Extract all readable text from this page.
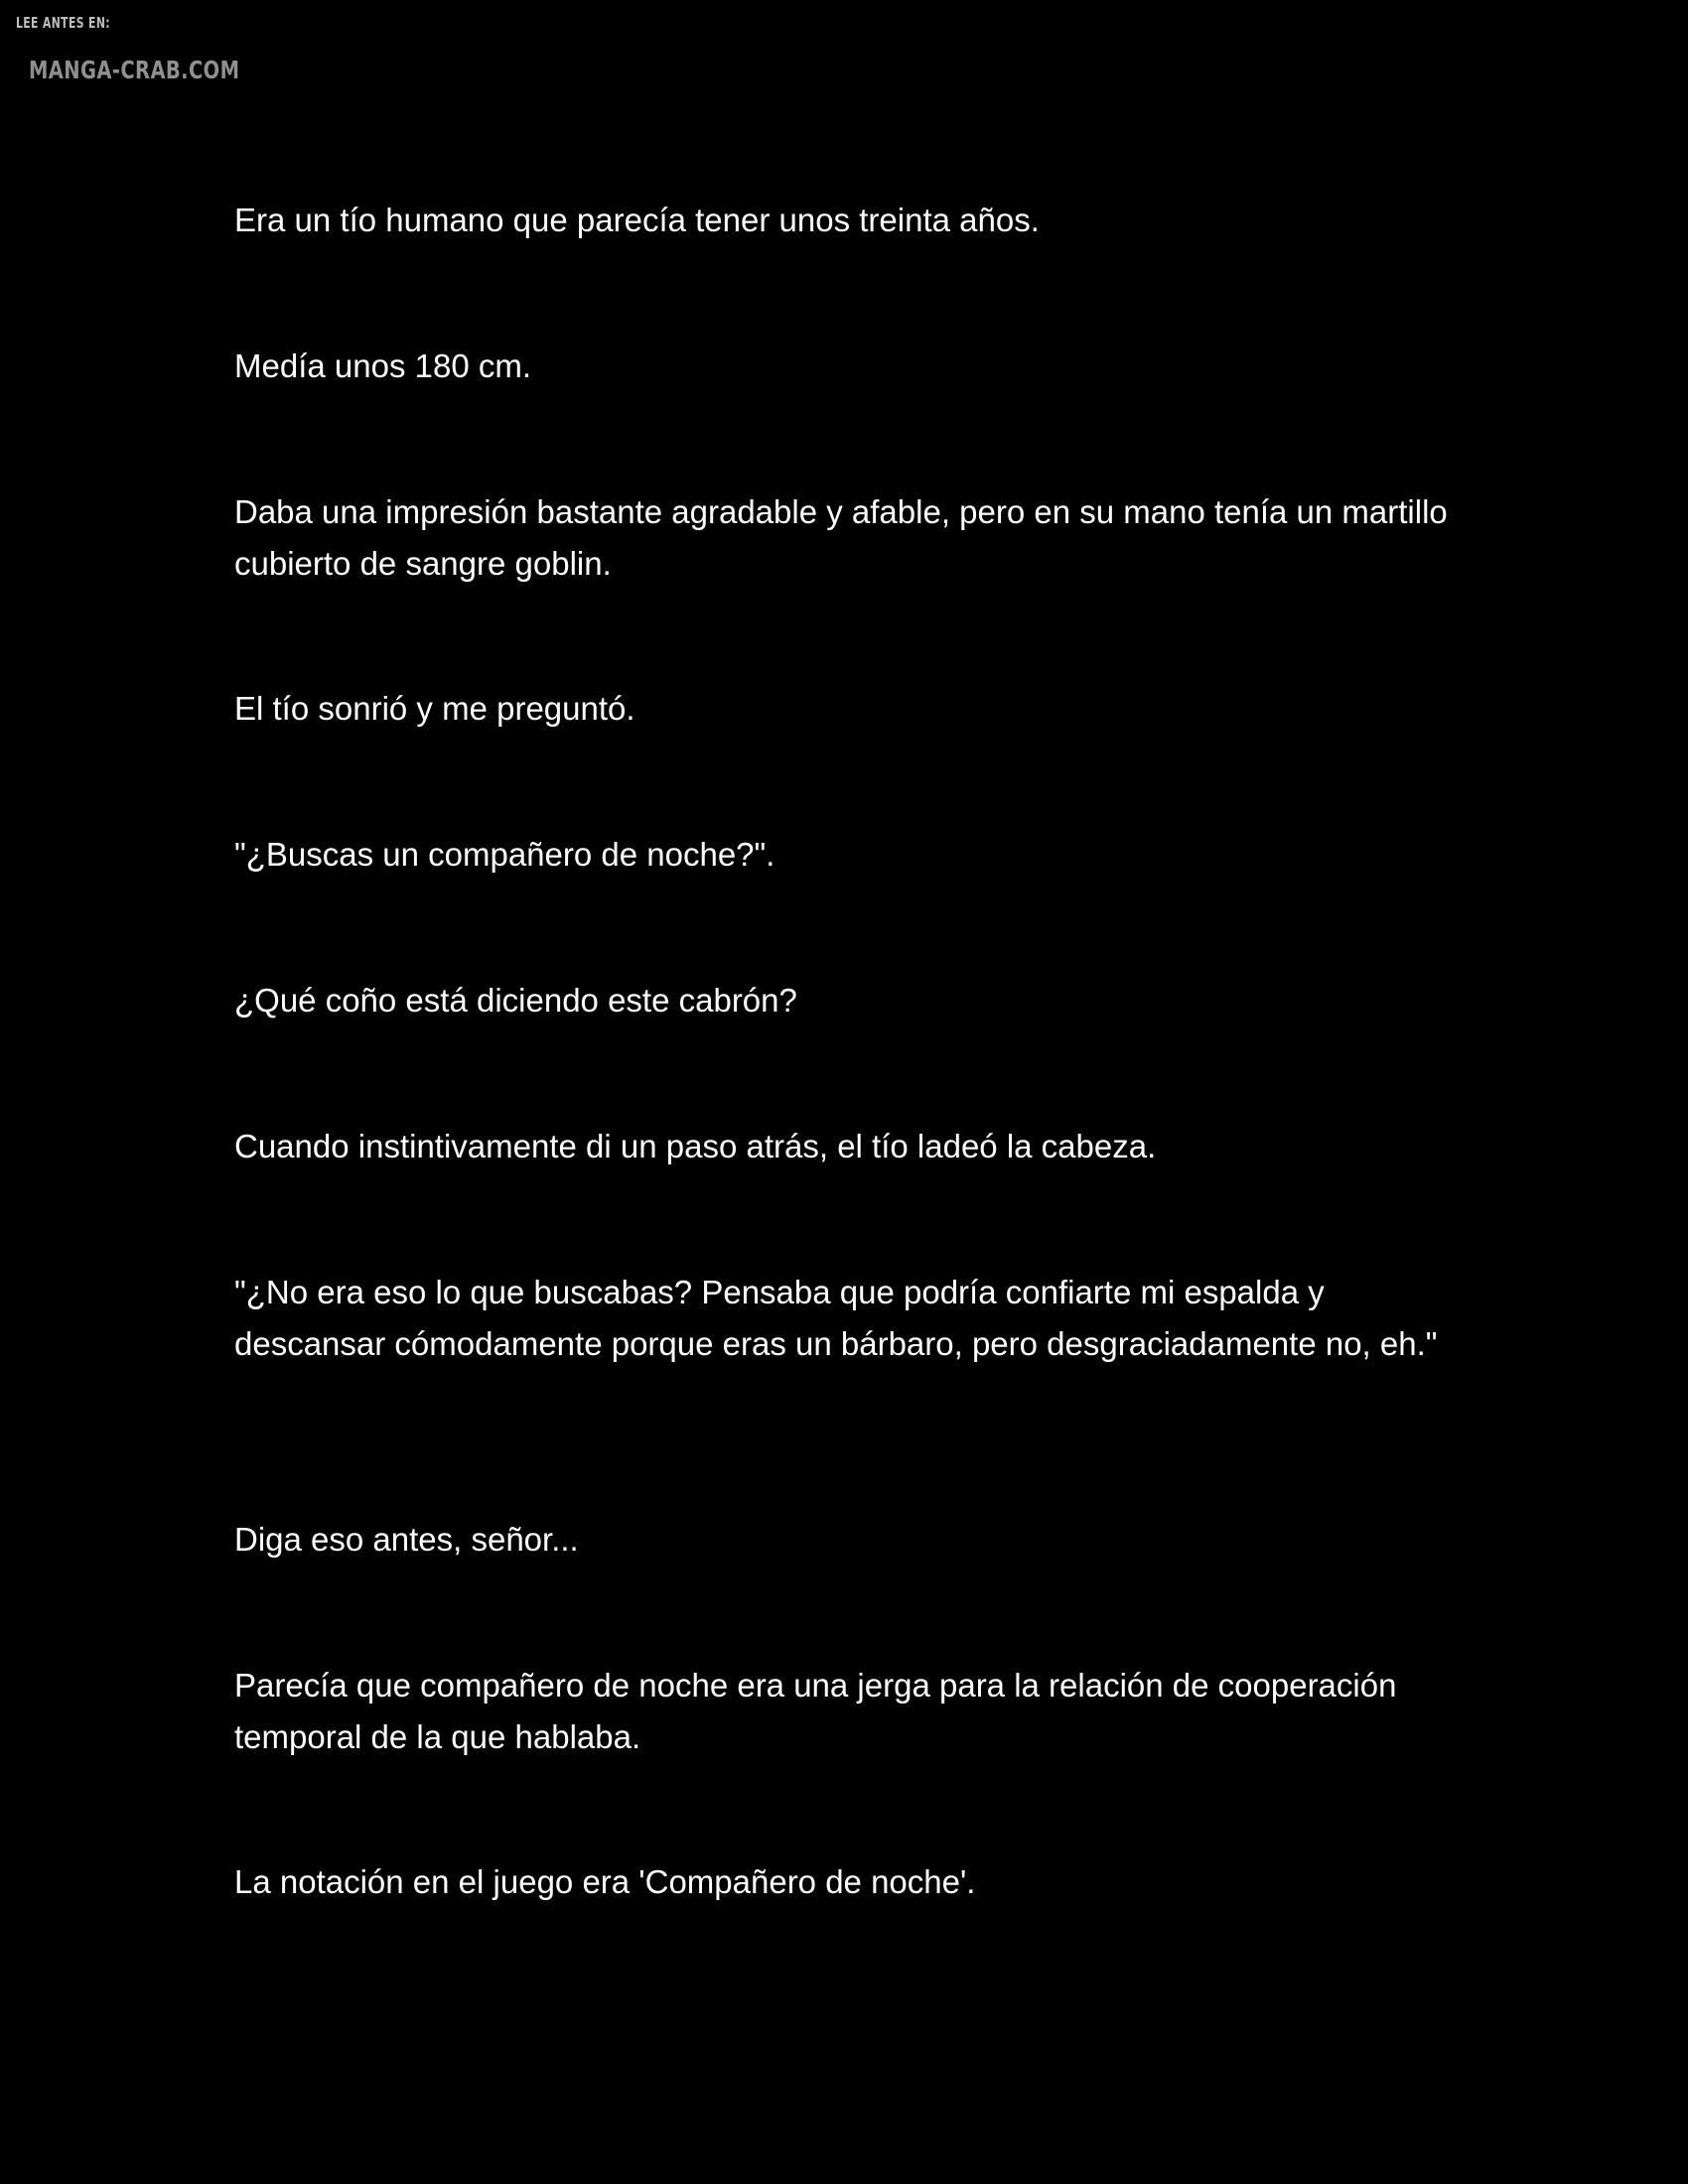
LEE ANTES EN:
MANGA-CRAB.COM

Era un tío humano que parecía tener unos treinta años.

Medía unos 180 cm.

Daba una impresión bastante agradable y afable, pero en su mano tenía un martillo cubierto de sangre goblin.

El tío sonrió y me preguntó.

"¿Buscas un compañero de noche?".

¿Qué coño está diciendo este cabrón?

Cuando instintivamente di un paso atrás, el tío ladeó la cabeza.

"¿No era eso lo que buscabas? Pensaba que podría confiarte mi espalda y descansar cómodamente porque eras un bárbaro, pero desgraciadamente no, eh."

Diga eso antes, señor...

Parecía que compañero de noche era una jerga para la relación de cooperación temporal de la que hablaba.

La notación en el juego era 'Compañero de noche'.
